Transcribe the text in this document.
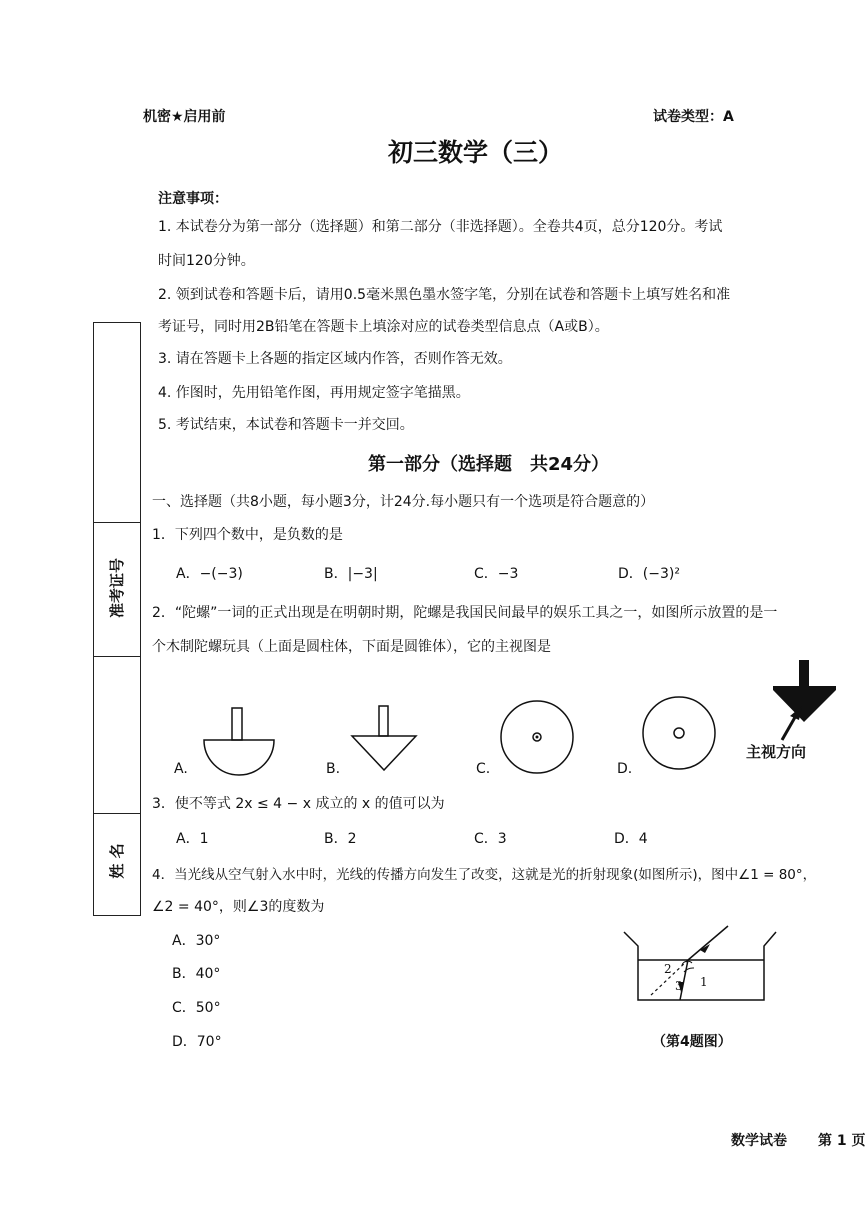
机密★启用前	试卷类型：A
初三数学（三）
注意事项：
1. 本试卷分为第一部分（选择题）和第二部分（非选择题）。全卷共4页，总分120分。考试
时间120分钟。
2. 领到试卷和答题卡后，请用0.5毫米黑色墨水签字笔，分别在试卷和答题卡上填写姓名和准
考证号，同时用2B铅笔在答题卡上填涂对应的试卷类型信息点（A或B）。
3. 请在答题卡上各题的指定区域内作答，否则作答无效。
4. 作图时，先用铅笔作图，再用规定签字笔描黑。
5. 考试结束，本试卷和答题卡一并交回。
准考证号
姓 名
第一部分（选择题　共24分）
一、选择题（共8小题，每小题3分，计24分.每小题只有一个选项是符合题意的）
1．下列四个数中，是负数的是
A．−(−3)	B．|−3|	C．−3	D．(−3)²
2．“陀螺”一词的正式出现是在明朝时期，陀螺是我国民间最早的娱乐工具之一，如图所示放置的是一
个木制陀螺玩具（上面是圆柱体，下面是圆锥体），它的主视图是
A.	B.	C.	D.
主视方向
3．使不等式 2x ≤ 4 − x 成立的 x 的值可以为
A．1	B．2	C．3	D．4
4．当光线从空气射入水中时，光线的传播方向发生了改变，这就是光的折射现象(如图所示)，图中∠1 = 80°，
∠2 = 40°，则∠3的度数为
A．30°
B．40°
C．50°
D．70°
2
3 1
（第4题图）
数学试卷 第 1 页
